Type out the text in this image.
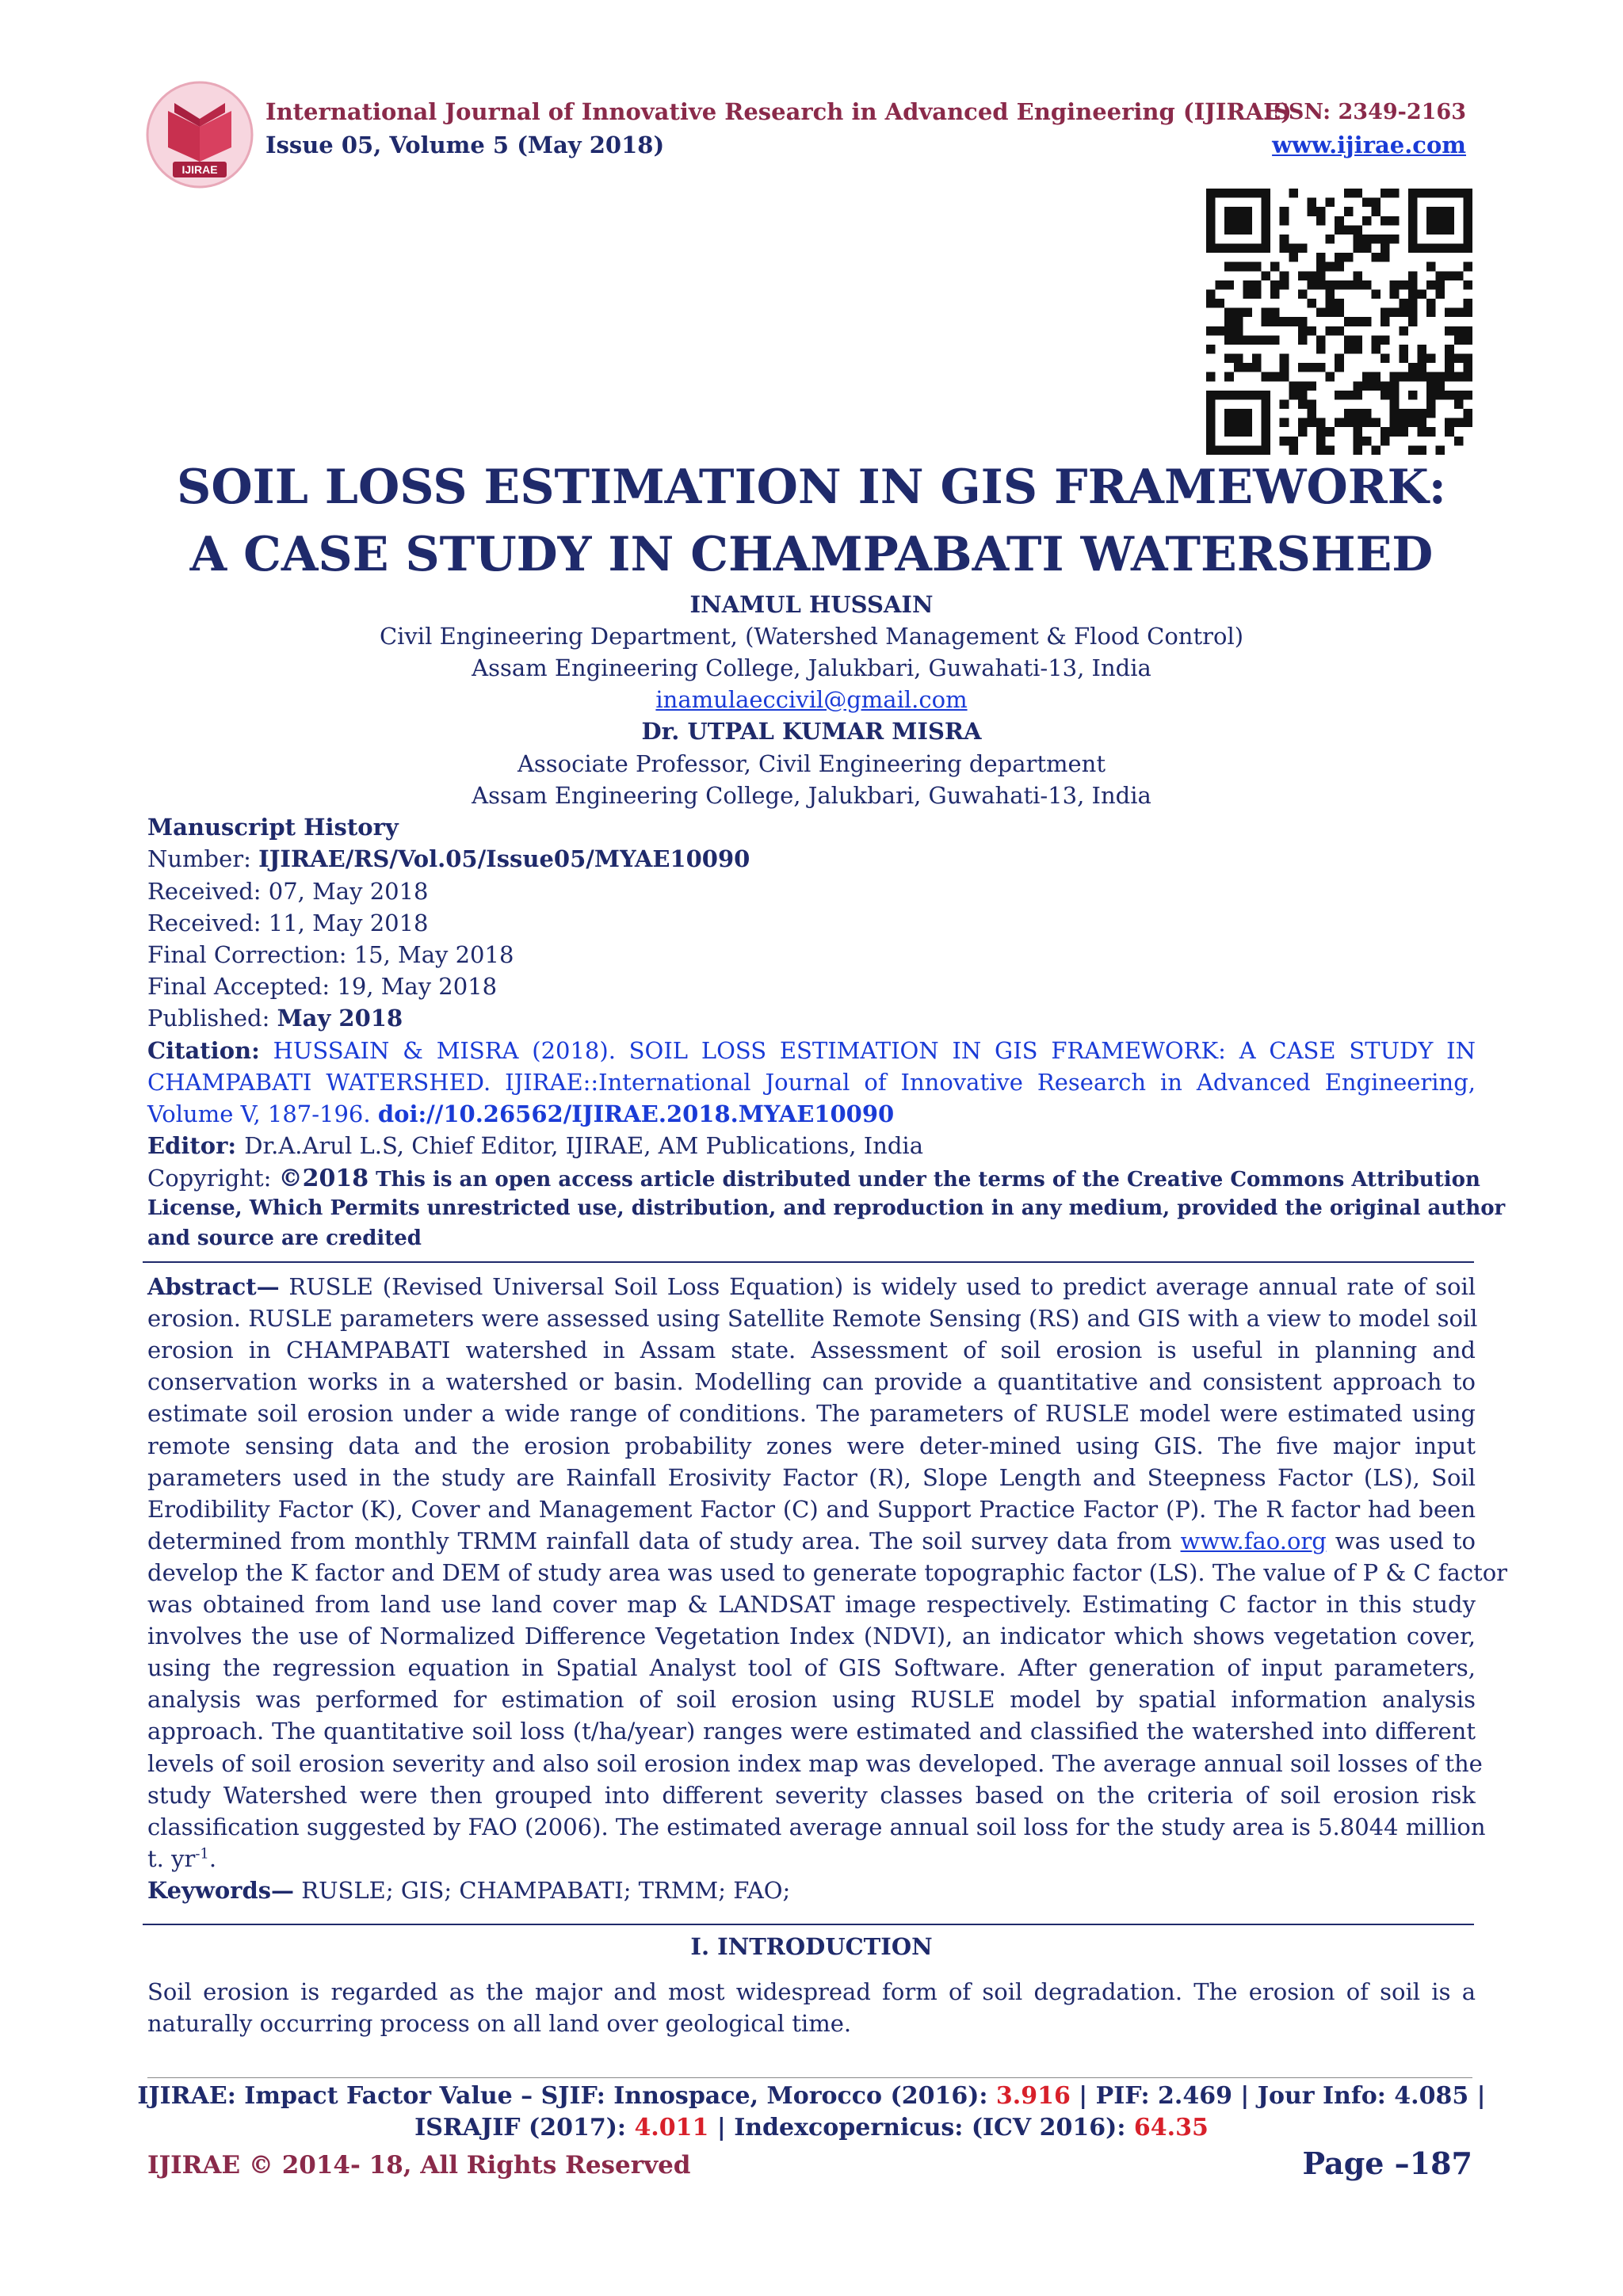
IJIRAE
International Journal of Innovative Research in Advanced Engineering (IJIRAE)
Issue 05, Volume 5 (May 2018)
ISSN: 2349-2163
www.ijirae.com
SOIL LOSS ESTIMATION IN GIS FRAMEWORK:
A CASE STUDY IN CHAMPABATI WATERSHED
INAMUL HUSSAIN
Civil Engineering Department, (Watershed Management & Flood Control)
Assam Engineering College, Jalukbari, Guwahati-13, India
inamulaeccivil@gmail.com
Dr. UTPAL KUMAR MISRA
Associate Professor, Civil Engineering department
Assam Engineering College, Jalukbari, Guwahati-13, India
Manuscript History
Number: IJIRAE/RS/Vol.05/Issue05/MYAE10090
Received: 07, May 2018
Received: 11, May 2018
Final Correction: 15, May 2018
Final Accepted: 19, May 2018
Published: May 2018
Citation: HUSSAIN & MISRA (2018). SOIL LOSS ESTIMATION IN GIS FRAMEWORK: A CASE STUDY IN
CHAMPABATI WATERSHED. IJIRAE::International Journal of Innovative Research in Advanced Engineering,
Volume V, 187-196. doi://10.26562/IJIRAE.2018.MYAE10090
Editor: Dr.A.Arul L.S, Chief Editor, IJIRAE, AM Publications, India
Copyright: ©2018 This is an open access article distributed under the terms of the Creative Commons Attribution
License, Which Permits unrestricted use, distribution, and reproduction in any medium, provided the original author
and source are credited
Abstract— RUSLE (Revised Universal Soil Loss Equation) is widely used to predict average annual rate of soil
erosion. RUSLE parameters were assessed using Satellite Remote Sensing (RS) and GIS with a view to model soil
erosion in CHAMPABATI watershed in Assam state. Assessment of soil erosion is useful in planning and
conservation works in a watershed or basin. Modelling can provide a quantitative and consistent approach to
estimate soil erosion under a wide range of conditions. The parameters of RUSLE model were estimated using
remote sensing data and the erosion probability zones were deter-mined using GIS. The five major input
parameters used in the study are Rainfall Erosivity Factor (R), Slope Length and Steepness Factor (LS), Soil
Erodibility Factor (K), Cover and Management Factor (C) and Support Practice Factor (P). The R factor had been
determined from monthly TRMM rainfall data of study area. The soil survey data from www.fao.org was used to
develop the K factor and DEM of study area was used to generate topographic factor (LS). The value of P & C factor
was obtained from land use land cover map & LANDSAT image respectively. Estimating C factor in this study
involves the use of Normalized Difference Vegetation Index (NDVI), an indicator which shows vegetation cover,
using the regression equation in Spatial Analyst tool of GIS Software. After generation of input parameters,
analysis was performed for estimation of soil erosion using RUSLE model by spatial information analysis
approach. The quantitative soil loss (t/ha/year) ranges were estimated and classified the watershed into different
levels of soil erosion severity and also soil erosion index map was developed. The average annual soil losses of the
study Watershed were then grouped into different severity classes based on the criteria of soil erosion risk
classification suggested by FAO (2006). The estimated average annual soil loss for the study area is 5.8044 million
t. $yr^{-1}$.
Keywords— RUSLE; GIS; CHAMPABATI; TRMM; FAO;
I. INTRODUCTION
Soil erosion is regarded as the major and most widespread form of soil degradation. The erosion of soil is a
naturally occurring process on all land over geological time.
IJIRAE: Impact Factor Value – SJIF: Innospace, Morocco (2016): 3.916 | PIF: 2.469 | Jour Info: 4.085 |
ISRAJIF (2017): 4.011 | Indexcopernicus: (ICV 2016): 64.35
IJIRAE © 2014- 18, All Rights Reserved	Page –187
